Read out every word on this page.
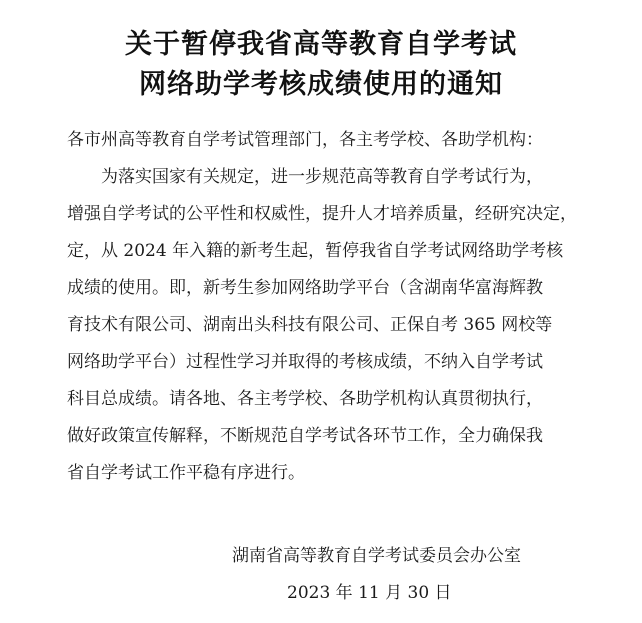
关于暂停我省高等教育自学考试
网络助学考核成绩使用的通知
各市州高等教育自学考试管理部门，各主考学校、各助学机构：
为落实国家有关规定，进一步规范高等教育自学考试行为，
增强自学考试的公平性和权威性，提升人才培养质量，经研究决定，
定，从 2024 年入籍的新考生起，暂停我省自学考试网络助学考核
成绩的使用。即，新考生参加网络助学平台（含湖南华富海辉教
育技术有限公司、湖南出头科技有限公司、正保自考 365 网校等
网络助学平台）过程性学习并取得的考核成绩，不纳入自学考试
科目总成绩。请各地、各主考学校、各助学机构认真贯彻执行，
做好政策宣传解释，不断规范自学考试各环节工作，全力确保我
省自学考试工作平稳有序进行。
湖南省高等教育自学考试委员会办公室
2023 年 11 月 30 日
